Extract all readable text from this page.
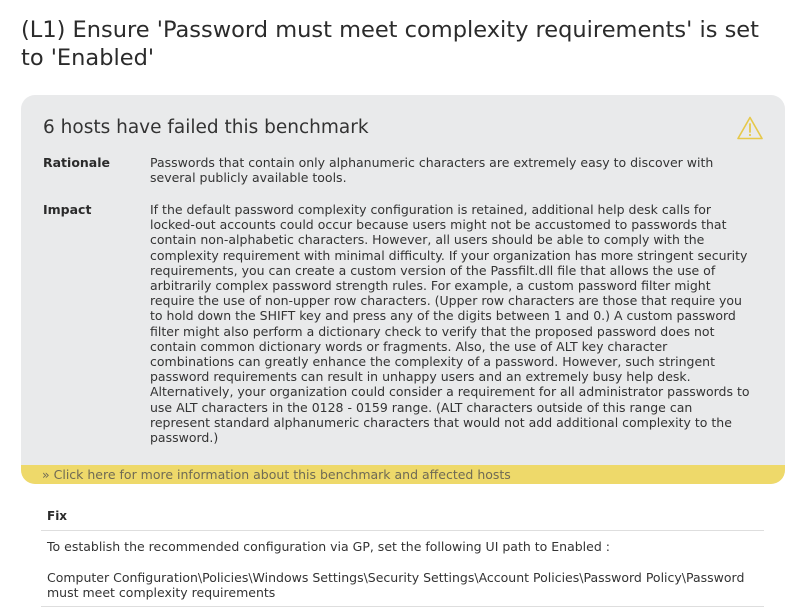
(L1) Ensure 'Password must meet complexity requirements' is set to 'Enabled'
6 hosts have failed this benchmark
Rationale	Passwords that contain only alphanumeric characters are extremely easy to discover with several publicly available tools.

Impact	If the default password complexity configuration is retained, additional help desk calls for locked-out accounts could occur because users might not be accustomed to passwords that contain non-alphabetic characters. However, all users should be able to comply with the complexity requirement with minimal difficulty. If your organization has more stringent security requirements, you can create a custom version of the Passfilt.dll file that allows the use of arbitrarily complex password strength rules. For example, a custom password filter might require the use of non-upper row characters. (Upper row characters are those that require you to hold down the SHIFT key and press any of the digits between 1 and 0.) A custom password filter might also perform a dictionary check to verify that the proposed password does not contain common dictionary words or fragments. Also, the use of ALT key character combinations can greatly enhance the complexity of a password. However, such stringent password requirements can result in unhappy users and an extremely busy help desk. Alternatively, your organization could consider a requirement for all administrator passwords to use ALT characters in the 0128 - 0159 range. (ALT characters outside of this range can represent standard alphanumeric characters that would not add additional complexity to the password.)

» Click here for more information about this benchmark and affected hosts
Fix

To establish the recommended configuration via GP, set the following UI path to Enabled :

Computer Configuration\Policies\Windows Settings\Security Settings\Account Policies\Password Policy\Password must meet complexity requirements
